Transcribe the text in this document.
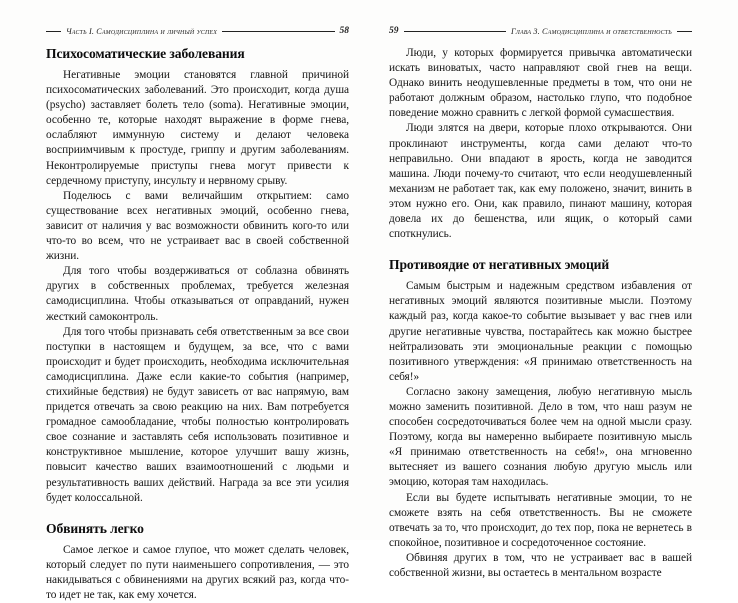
Часть I. Самодисциплина и личный успех	58
Психосоматические заболевания

Негативные эмоции становятся главной причиной психосоматических заболеваний. Это происходит, когда душа (psycho) заставляет болеть тело (soma). Негативные эмоции, особенно те, которые находят выражение в форме гнева, ослабляют иммунную систему и делают человека восприимчивым к простуде, гриппу и другим заболеваниям. Неконтролируемые приступы гнева могут привести к сердечному приступу, инсульту и нервному срыву.

Поделюсь с вами величайшим открытием: само существование всех негативных эмоций, особенно гнева, зависит от наличия у вас возможности обвинить кого-то или что-то во всем, что не устраивает вас в своей собственной жизни.

Для того чтобы воздерживаться от соблазна обвинять других в собственных проблемах, требуется железная самодисциплина. Чтобы отказываться от оправданий, нужен жесткий самоконтроль.

Для того чтобы признавать себя ответственным за все свои поступки в настоящем и будущем, за все, что с вами происходит и будет происходить, необходима исключительная самодисциплина. Даже если какие-то события (например, стихийные бедствия) не будут зависеть от вас напрямую, вам придется отвечать за свою реакцию на них. Вам потребуется громадное самообладание, чтобы полностью контролировать свое сознание и заставлять себя использовать позитивное и конструктивное мышление, которое улучшит вашу жизнь, повысит качество ваших взаимоотношений с людьми и результативность ваших действий. Награда за все эти усилия будет колоссальной.

Обвинять легко

Самое легкое и самое глупое, что может сделать человек, который следует по пути наименьшего сопротивления, — это накидываться с обвинениями на других всякий раз, когда что-то идет не так, как ему хочется.

59	Глава 3. Самодисциплина и ответственность

Люди, у которых формируется привычка автоматически искать виноватых, часто направляют свой гнев на вещи. Однако винить неодушевленные предметы в том, что они не работают должным образом, настолько глупо, что подобное поведение можно сравнить с легкой формой сумасшествия.

Люди злятся на двери, которые плохо открываются. Они проклинают инструменты, когда сами делают что-то неправильно. Они впадают в ярость, когда не заводится машина. Люди почему-то считают, что если неодушевленный механизм не работает так, как ему положено, значит, винить в этом нужно его. Они, как правило, пинают машину, которая довела их до бешенства, или ящик, о который сами споткнулись.

Противоядие от негативных эмоций

Самым быстрым и надежным средством избавления от негативных эмоций являются позитивные мысли. Поэтому каждый раз, когда какое-то событие вызывает у вас гнев или другие негативные чувства, постарайтесь как можно быстрее нейтрализовать эти эмоциональные реакции с помощью позитивного утверждения: «Я принимаю ответственность на себя!»

Согласно закону замещения, любую негативную мысль можно заменить позитивной. Дело в том, что наш разум не способен сосредоточиваться более чем на одной мысли сразу. Поэтому, когда вы намеренно выбираете позитивную мысль «Я принимаю ответственность на себя!», она мгновенно вытесняет из вашего сознания любую другую мысль или эмоцию, которая там находилась.

Если вы будете испытывать негативные эмоции, то не сможете взять на себя ответственность. Вы не сможете отвечать за то, что происходит, до тех пор, пока не вернетесь в спокойное, позитивное и сосредоточенное состояние.

Обвиняя других в том, что не устраивает вас в вашей собственной жизни, вы остаетесь в ментальном возрасте
